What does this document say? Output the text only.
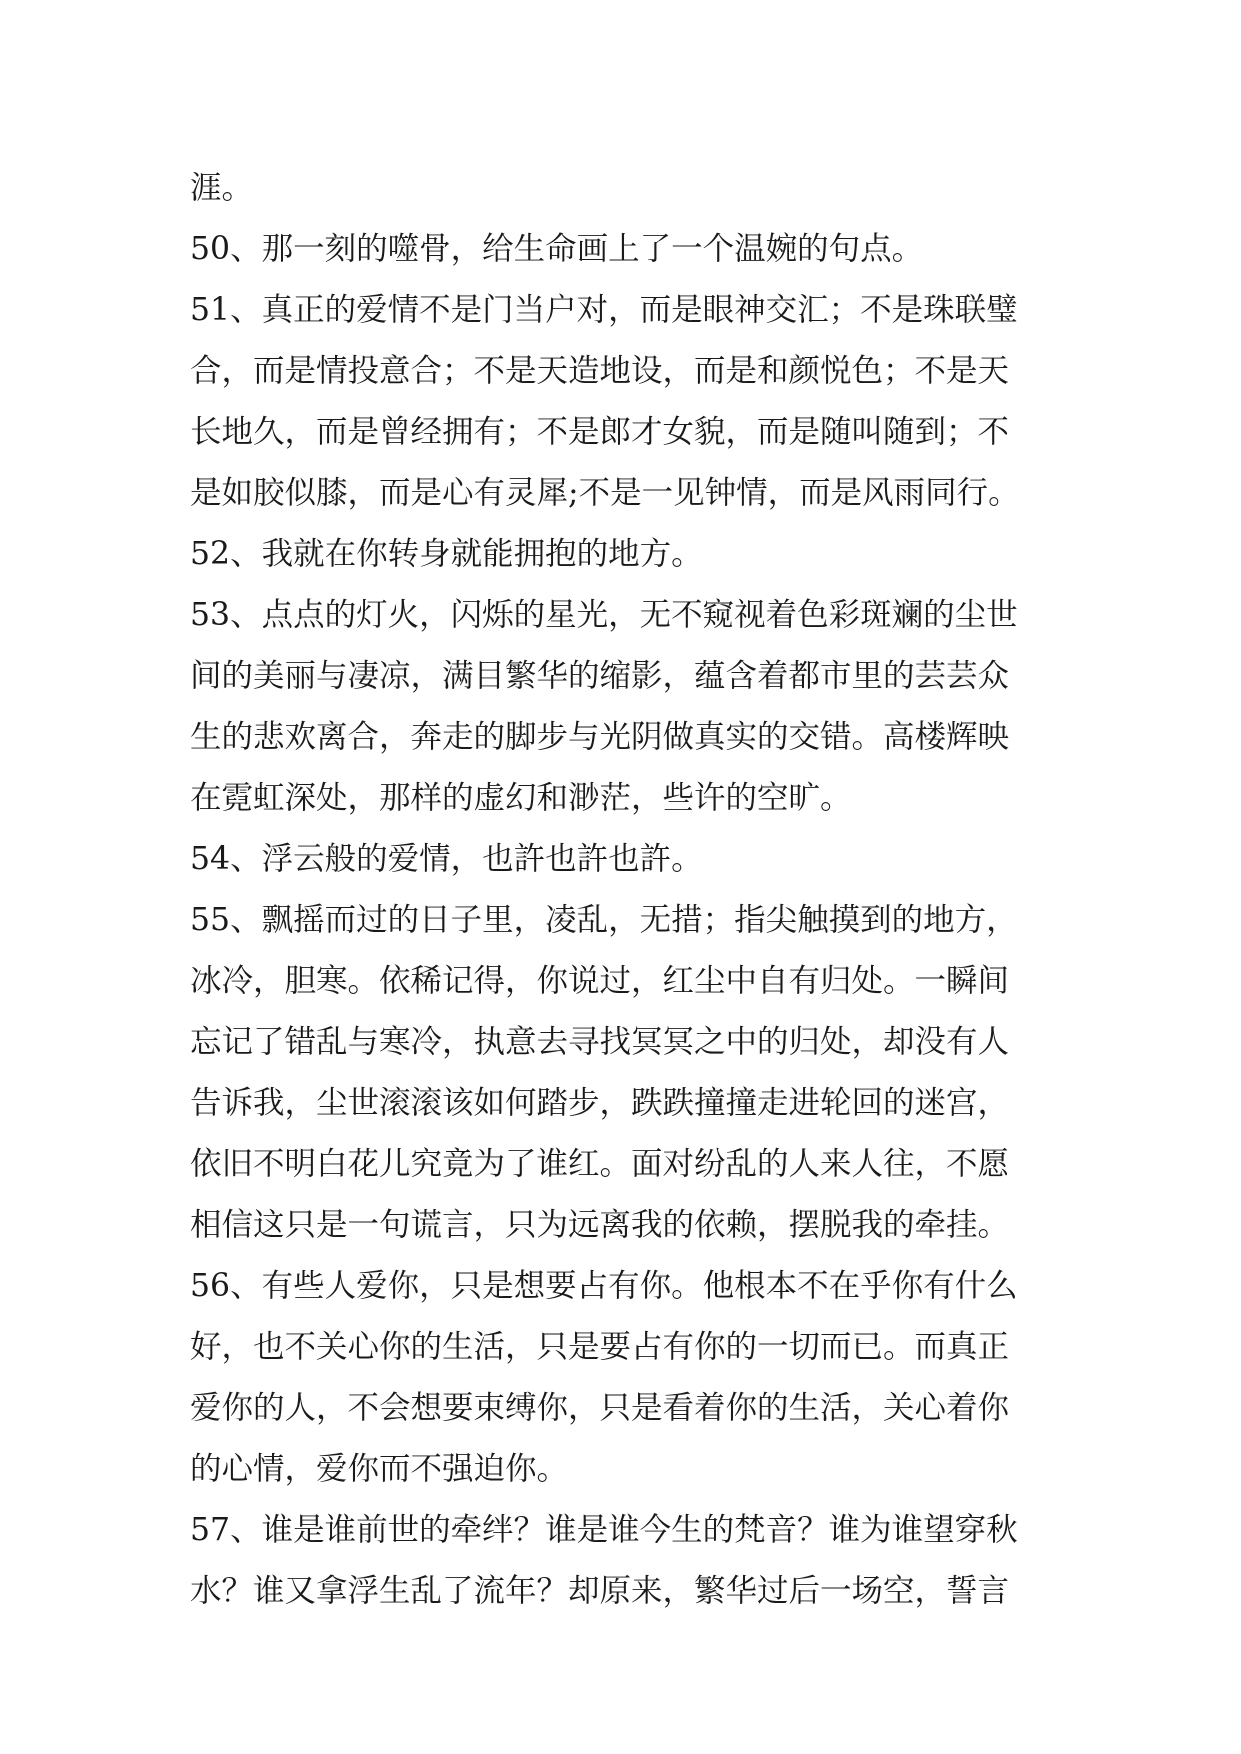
涯。
50、那一刻的噬骨，给生命画上了一个温婉的句点。
51、真正的爱情不是门当户对，而是眼神交汇；不是珠联璧
合，而是情投意合；不是天造地设，而是和颜悦色；不是天
长地久，而是曾经拥有；不是郎才女貌，而是随叫随到；不
是如胶似膝，而是心有灵犀;不是一见钟情，而是风雨同行。
52、我就在你转身就能拥抱的地方。
53、点点的灯火，闪烁的星光，无不窥视着色彩斑斓的尘世
间的美丽与凄凉，满目繁华的缩影，蕴含着都市里的芸芸众
生的悲欢离合，奔走的脚步与光阴做真实的交错。高楼辉映
在霓虹深处，那样的虚幻和渺茫，些许的空旷。
54、浮云般的爱情，也許也許也許。
55、飘摇而过的日子里，凌乱，无措；指尖触摸到的地方，
冰冷，胆寒。依稀记得，你说过，红尘中自有归处。一瞬间
忘记了错乱与寒冷，执意去寻找冥冥之中的归处，却没有人
告诉我，尘世滚滚该如何踏步，跌跌撞撞走进轮回的迷宫，
依旧不明白花儿究竟为了谁红。面对纷乱的人来人往，不愿
相信这只是一句谎言，只为远离我的依赖，摆脱我的牵挂。
56、有些人爱你，只是想要占有你。他根本不在乎你有什么
好，也不关心你的生活，只是要占有你的一切而已。而真正
爱你的人，不会想要束缚你，只是看着你的生活，关心着你
的心情，爱你而不强迫你。
57、谁是谁前世的牵绊？谁是谁今生的梵音？谁为谁望穿秋
水？谁又拿浮生乱了流年？却原来，繁华过后一场空，誓言
